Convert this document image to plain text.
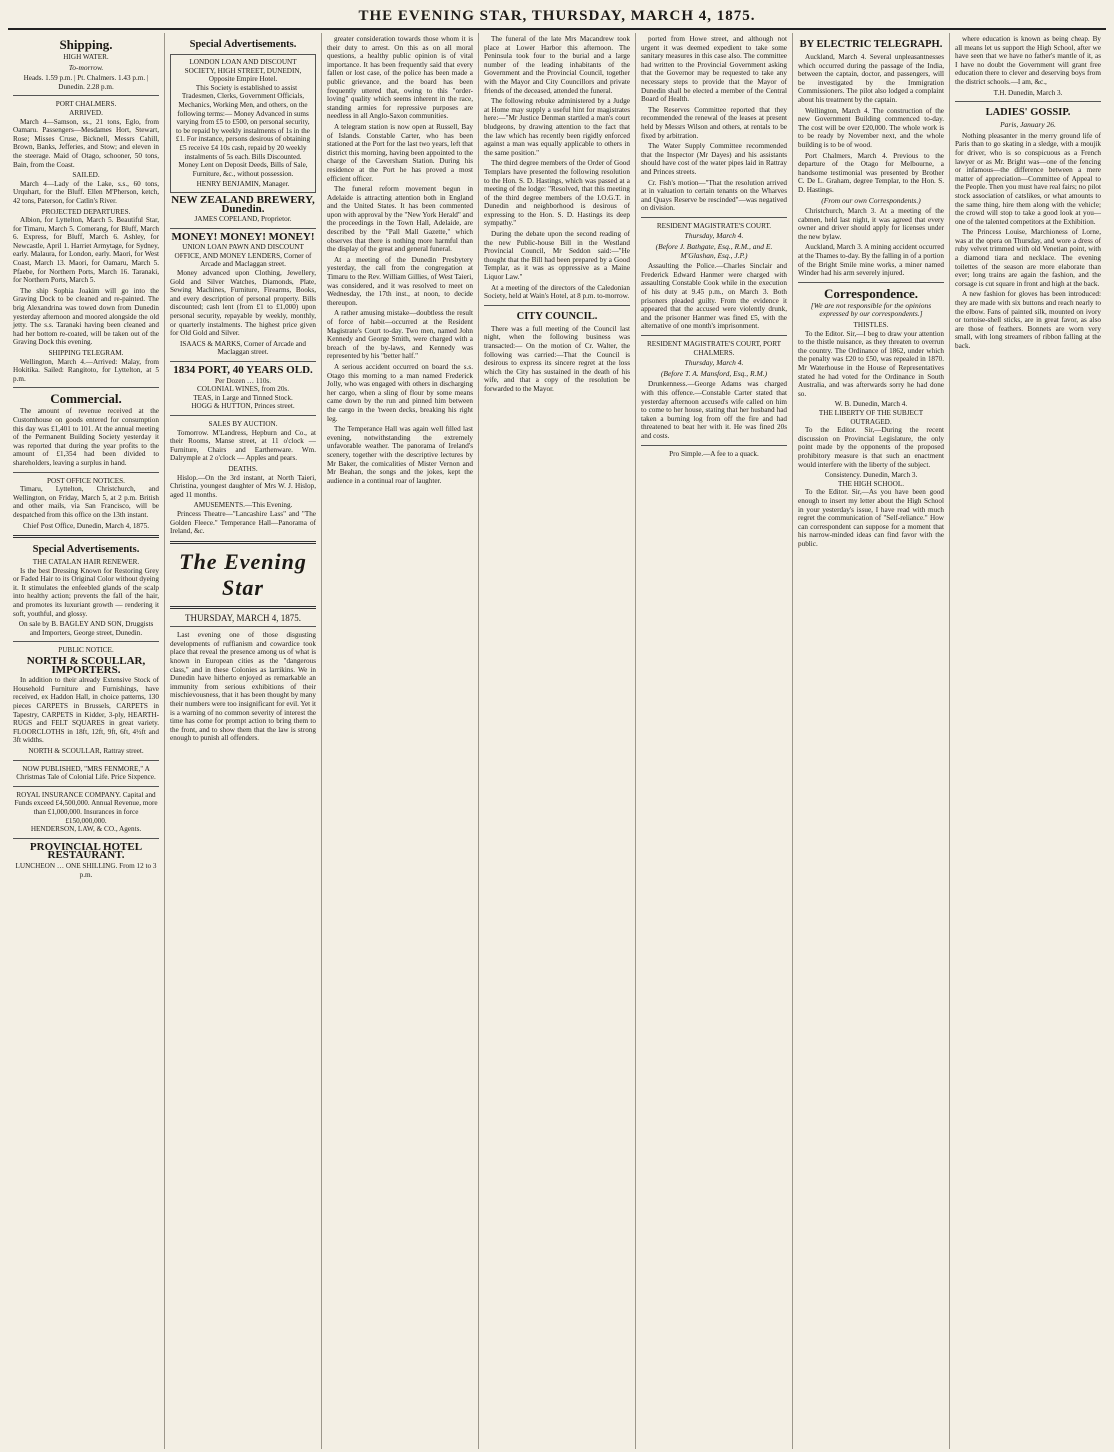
THE EVENING STAR, THURSDAY, MARCH 4, 1875.
Shipping.
HIGH WATER.
To-morrow.
Heads. 1.59 p.m. | Pt. Chalmers. 1.43 p.m. | Dunedin. 2.28 p.m.
PORT CHALMERS.
ARRIVED.

March 4—Samson, ss., 21 tons, Eglo, from Oamaru. Passengers—Mesdames Hort, Stewart, Rose; Misses Cruse, Bicknell, Messrs Cahill, Brown, Banks, Jefferies, and Stow; and eleven in the steerage. Maid of Otago, schooner, 50 tons, Bain, from the Coast.

SAILED.

March 4—Lady of the Lake, s.s., 60 tons, Urquhart, for the Bluff. Ellen M'Pherson, ketch, 42 tons, Paterson, for Catlin's River.

PROJECTED DEPARTURES.

Albion, for Lyttelton, March 5. Beautiful Star, for Timaru, March 5. Comerang, for Bluff, March 6. Express, for Bluff, March 6. Ashley, for Newcastle, April 1. Harriet Armytage, for Sydney, early. Malaura, for London, early. Maori, for West Coast, March 13. Maori, for Oamaru, March 5. Pfaebe, for Northern Ports, March 16. Taranaki, for Northern Ports, March 5.

The ship Sophia Joakim will go into the Graving Dock to be cleaned and re-painted. The brig Alexandrina was towed down from Dunedin yesterday afternoon and moored alongside the old jetty. The s.s. Taranaki having been cleaned and had her bottom re-coated, will be taken out of the Graving Dock this evening.

SHIPPING TELEGRAM.

Wellington, March 4.—Arrived: Malay, from Hokitika. Sailed: Rangitoto, for Lyttelton, at 5 p.m.

Commercial.

The amount of revenue received at the Customhouse on goods entered for consumption this day was £1,401 to 101. At the annual meeting of the Permanent Building Society yesterday it was reported that during the year profits to the amount of £1,354 had been divided to shareholders, leaving a surplus in hand.

POST OFFICE NOTICES.

Timaru, Lyttelton, Christchurch, and Wellington, on Friday, March 5, at 2 p.m. British and other mails, via San Francisco, will be despatched from this office on the 13th instant.

Chief Post Office, Dunedin, March 4, 1875.
Special Advertisements.
THE CATALAN HAIR RENEWER.

Is the best Dressing Known for Restoring Grey or Faded Hair to its Original Color without dyeing it. It stimulates the enfeebled glands of the scalp into healthy action; prevents the fall of the hair, and promotes its luxuriant growth — rendering it soft, youthful, and glossy.

On sale by B. BAGLEY AND SON, Druggists and Importers, George street, Dunedin.
PUBLIC NOTICE.
NORTH & SCOULLAR, IMPORTERS.

In addition to their already Extensive Stock of Household Furniture and Furnishings, have received, ex Haddon Hall, in choice patterns, 130 pieces CARPETS in Brussels, CARPETS in Tapestry, CARPETS in Kidder, 3-ply, HEARTH-RUGS and FELT SQUARES in great variety. FLOORCLOTHS in 18ft, 12ft, 9ft, 6ft, 4½ft and 3ft widths.

NORTH & SCOULLAR, Rattray street.
NOW PUBLISHED, "MRS FENMORE," A Christmas Tale of Colonial Life. Price Sixpence.
ROYAL INSURANCE COMPANY. Capital and Funds exceed £4,500,000. Annual Revenue, more than £1,000,000. Insurances in force £150,000,000.
HENDERSON, LAW, & CO., Agents.
PROVINCIAL HOTEL RESTAURANT.
LUNCHEON … ONE SHILLING. From 12 to 3 p.m.
Special Advertisements.
LONDON LOAN AND DISCOUNT SOCIETY, HIGH STREET, DUNEDIN, Opposite Empire Hotel.

This Society is established to assist Tradesmen, Clerks, Government Officials, Mechanics, Working Men, and others, on the following terms:— Money Advanced in sums varying from £5 to £500, on personal security, to be repaid by weekly instalments of 1s in the £1. For instance, persons desirous of obtaining £5 receive £4 10s cash, repaid by 20 weekly instalments of 5s each. Bills Discounted. Money Lent on Deposit Deeds, Bills of Sale, Furniture, &c., without possession.

HENRY BENJAMIN, Manager.
NEW ZEALAND BREWERY, Dunedin.
JAMES COPELAND, Proprietor.
MONEY! MONEY! MONEY!
UNION LOAN PAWN AND DISCOUNT OFFICE, AND MONEY LENDERS, Corner of Arcade and Maclaggan street.

Money advanced upon Clothing, Jewellery, Gold and Silver Watches, Diamonds, Plate, Sewing Machines, Furniture, Firearms, Books, and every description of personal property. Bills discounted; cash lent (from £1 to £1,000) upon personal security, repayable by weekly, monthly, or quarterly instalments. The highest price given for Old Gold and Silver.

ISAACS & MARKS, Corner of Arcade and Maclaggan street.
1834 PORT, 40 YEARS OLD.
Per Dozen … 110s.
COLONIAL WINES, from 20s.
TEAS, in Large and Tinned Stock.
HOGG & HUTTON, Princes street.
SALES BY AUCTION.

Tomorrow. M'Landress, Hepburn and Co., at their Rooms, Manse street, at 11 o'clock — Furniture, Chairs and Earthenware. Wm. Dalrymple at 2 o'clock — Apples and pears.

DEATHS.

Hislop.—On the 3rd instant, at North Taieri, Christina, youngest daughter of Mrs W. J. Hislop, aged 11 months.

AMUSEMENTS.—This Evening.

Princess Theatre—"Lancashire Lass" and "The Golden Fleece." Temperance Hall—Panorama of Ireland, &c.

The Evening Star
THURSDAY, MARCH 4, 1875.

Last evening one of those disgusting developments of ruffianism and cowardice took place that reveal the presence among us of what is known in European cities as the "dangerous class," and in these Colonies as larrikins. We in Dunedin have hitherto enjoyed as remarkable an immunity from serious exhibitions of their mischievousness, that it has been thought by many their numbers were too insignificant for evil. Yet it is a warning of no common severity of interest the time has come for prompt action to bring them to the front, and to show them that the law is strong enough to punish all offenders.

greater consideration towards those whom it is their duty to arrest. On this as on all moral questions, a healthy public opinion is of vital importance. It has been frequently said that every fallen or lost case, of the police has been made a public grievance, and the board has been frequently uttered that, owing to this "order-loving" quality which seems inherent in the race, standing armies for repressive purposes are needless in all Anglo-Saxon communities.

A telegram station is now open at Russell, Bay of Islands. Constable Carter, who has been stationed at the Port for the last two years, left that district this morning, having been appointed to the charge of the Caversham Station. During his residence at the Port he has proved a most efficient officer.

The funeral reform movement begun in Adelaide is attracting attention both in England and the United States. It has been commented upon with approval by the "New York Herald" and the proceedings in the Town Hall, Adelaide, are described by the "Pall Mall Gazette," which observes that there is nothing more harmful than the display of the great and general funeral.

At a meeting of the Dunedin Presbytery yesterday, the call from the congregation at Timaru to the Rev. William Gillies, of West Taieri, was considered, and it was resolved to meet on Wednesday, the 17th inst., at noon, to decide thereupon.

A rather amusing mistake—doubtless the result of force of habit—occurred at the Resident Magistrate's Court to-day. Two men, named John Kennedy and George Smith, were charged with a breach of the by-laws, and Kennedy was represented by his "better half."

A serious accident occurred on board the s.s. Otago this morning to a man named Frederick Jolly, who was engaged with others in discharging her cargo, when a sling of flour by some means came down by the run and pinned him between the cargo in the 'tween decks, breaking his right leg.

The Temperance Hall was again well filled last evening, notwithstanding the extremely unfavorable weather. The panorama of Ireland's scenery, together with the descriptive lectures by Mr Baker, the comicalities of Mister Vernon and Mr Beahan, the songs and the jokes, kept the audience in a continual roar of laughter.

The funeral of the late Mrs Macandrew took place at Lower Harbor this afternoon. The Peninsula took four to the burial and a large number of the leading inhabitants of the Government and the Provincial Council, together with the Mayor and City Councillors and private friends of the deceased, attended the funeral.

The following rebuke administered by a Judge at Home may supply a useful hint for magistrates here:—"Mr Justice Denman startled a man's court bludgeons, by drawing attention to the fact that the law which has recently been rigidly enforced against a man was equally applicable to others in the same position."

The third degree members of the Order of Good Templars have presented the following resolution to the Hon. S. D. Hastings, which was passed at a meeting of the lodge: "Resolved, that this meeting of the third degree members of the I.O.G.T. in Dunedin and neighborhood is desirous of expressing to the Hon. S. D. Hastings its deep sympathy."

During the debate upon the second reading of the new Public-house Bill in the Westland Provincial Council, Mr Seddon said:—"He thought that the Bill had been prepared by a Good Templar, as it was as oppressive as a Maine Liquor Law."

At a meeting of the directors of the Caledonian Society, held at Wain's Hotel, at 8 p.m. to-morrow.

CITY COUNCIL.

There was a full meeting of the Council last night, when the following business was transacted:— On the motion of Cr. Walter, the following was carried:—That the Council is desirous to express its sincere regret at the loss which the City has sustained in the death of his wife, and that a copy of the resolution be forwarded to the Mayor.

ported from Howe street, and although not urgent it was deemed expedient to take some sanitary measures in this case also. The committee had written to the Provincial Government asking that the Governor may be requested to take any necessary steps to provide that the Mayor of Dunedin shall be elected a member of the Central Board of Health.

The Reserves Committee reported that they recommended the renewal of the leases at present held by Messrs Wilson and others, at rentals to be fixed by arbitration.

The Water Supply Committee recommended that the Inspector (Mr Dayes) and his assistants should have cost of the water pipes laid in Rattray and Princes streets.

Cr. Fish's motion—"That the resolution arrived at in valuation to certain tenants on the Wharves and Quays Reserve be rescinded"—was negatived on division.

RESIDENT MAGISTRATE'S COURT.
Thursday, March 4.
(Before J. Bathgate, Esq., R.M., and E. M'Glashan, Esq., J.P.)

Assaulting the Police.—Charles Sinclair and Frederick Edward Hanmer were charged with assaulting Constable Cook while in the execution of his duty at 9.45 p.m., on March 3. Both prisoners pleaded guilty. From the evidence it appeared that the accused were violently drunk, and the prisoner Hanmer was fined £5, with the alternative of one month's imprisonment.

RESIDENT MAGISTRATE'S COURT, PORT CHALMERS.
Thursday, March 4.
(Before T. A. Mansford, Esq., R.M.)

Drunkenness.—George Adams was charged with this offence.—Constable Carter stated that yesterday afternoon accused's wife called on him to come to her house, stating that her husband had taken a burning log from off the fire and had threatened to beat her with it. He was fined 20s and costs.

Pro Simple.—A fee to a quack.
BY ELECTRIC TELEGRAPH.

Auckland, March 4. Several unpleasantnesses which occurred during the passage of the India, between the captain, doctor, and passengers, will be investigated by the Immigration Commissioners. The pilot also lodged a complaint about his treatment by the captain.

Wellington, March 4. The construction of the new Government Building commenced to-day. The cost will be over £20,000. The whole work is to be ready by November next, and the whole building is to be of wood.

Port Chalmers, March 4. Previous to the departure of the Otago for Melbourne, a handsome testimonial was presented by Brother C. De L. Graham, degree Templar, to the Hon. S. D. Hastings.

(From our own Correspondents.)

Christchurch, March 3. At a meeting of the cabmen, held last night, it was agreed that every owner and driver should apply for licenses under the new bylaw.

Auckland, March 3. A mining accident occurred at the Thames to-day. By the falling in of a portion of the Bright Smile mine works, a miner named Winder had his arm severely injured.

Correspondence.
[We are not responsible for the opinions expressed by our correspondents.]
THISTLES.

To the Editor. Sir,—I beg to draw your attention to the thistle nuisance, as they threaten to overrun the country. The Ordinance of 1862, under which the penalty was £20 to £50, was repealed in 1870. Mr Waterhouse in the House of Representatives stated he had voted for the Ordinance in South Australia, and was afterwards sorry he had done so.

W. B. Dunedin, March 4.
THE LIBERTY OF THE SUBJECT OUTRAGED.

To the Editor. Sir,—During the recent discussion on Provincial Legislature, the only point made by the opponents of the proposed prohibitory measure is that such an enactment would interfere with the liberty of the subject.

Consistency. Dunedin, March 3.
THE HIGH SCHOOL.

To the Editor. Sir,—As you have been good enough to insert my letter about the High School in your yesterday's issue, I have read with much regret the communication of "Self-reliance." How can correspondent can suppose for a moment that his narrow-minded ideas can find favor with the public.

where education is known as being cheap. By all means let us support the High School, after we have seen that we have no father's mantle of it, as I have no doubt the Government will grant free education there to clever and deserving boys from the district schools.—I am, &c.,

T.H. Dunedin, March 3.
LADIES' GOSSIP.
Paris, January 26.

Nothing pleasanter in the merry ground life of Paris than to go skating in a sledge, with a moujik for driver, who is so conspicuous as a French lawyer or as Mr. Bright was—one of the fencing or infamous—the difference between a mere matter of appreciation—Committee of Appeal to the People. Then you must have real fairs; no pilot stock association of catslikes, or what amounts to the same thing, hire them along with the vehicle; the crowd will stop to take a good look at you—one of the talented competitors at the Exhibition.

The Princess Louise, Marchioness of Lorne, was at the opera on Thursday, and wore a dress of ruby velvet trimmed with old Venetian point, with a diamond tiara and necklace. The evening toilettes of the season are more elaborate than ever; long trains are again the fashion, and the corsage is cut square in front and high at the back.

A new fashion for gloves has been introduced: they are made with six buttons and reach nearly to the elbow. Fans of painted silk, mounted on ivory or tortoise-shell sticks, are in great favor, as also are those of feathers. Bonnets are worn very small, with long streamers of ribbon falling at the back.
